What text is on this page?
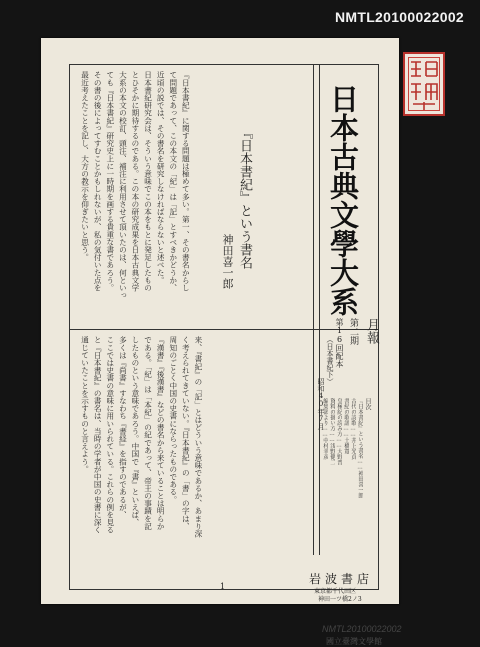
NMTL20100022002
『日本書紀』に関する問題は極めて多い。第一、その書名からし
て問題であって、この本文の「紀」は「記」とすべきかどうか、
近頃の説では、その書名を研究しなければならないと述べた。
日本書紀研究会は、そういう意味でこの本をもとに発足したもの
とひそかに期待するのである。この本の研究成果を日本古典文学
大系の本文の校訂、頭注、補注に利用させて頂いたのは、何といっ
ても『日本書紀』研究史上に一時期を画する貴重な書であろう。
その書の後によってすむことかもしれないが、私の気付いた点を
最近考えたことを記し、大方の教示を仰ぎたいと思う。	『日本書紀』という書名
神田喜一郎
来、『書紀』の「記」とはどういう意味であるか、あまり深
く考えられてきていない。『日本書紀』の「書」の字は、
周知のごとく中国の史書にならったものである。
『漢書』『後漢書』などの書名から来ていることは明らか
である。「紀」は「本紀」の紀であって、帝王の事蹟を記
したものという意味であろう。中国で『書』といえば、
多くは『尚書』すなわち『書経』を指すのであるが、
ここでは史書の意味に用いられている。これらの例を見る
と『日本書紀』の書名は、当時の学者が中国の史書に深く
通じていたことを示すものと言えよう。
日本古典文學大系
月報
第二期
第16回配本
（日本書紀下）
昭和40年7月	目次
『日本書紀』という書名……神田喜一郎
古代の詩歌……井上光貞
書紀の歌謡……土橋寛
皇極紀の読み方……大野晋
資料の扱い方……浅野健二
編集部より……中村幸彦
岩波書店
東京都千代田区
神田一ツ橋2ノ3
1
NMTL20100022002
國立臺灣文學館
